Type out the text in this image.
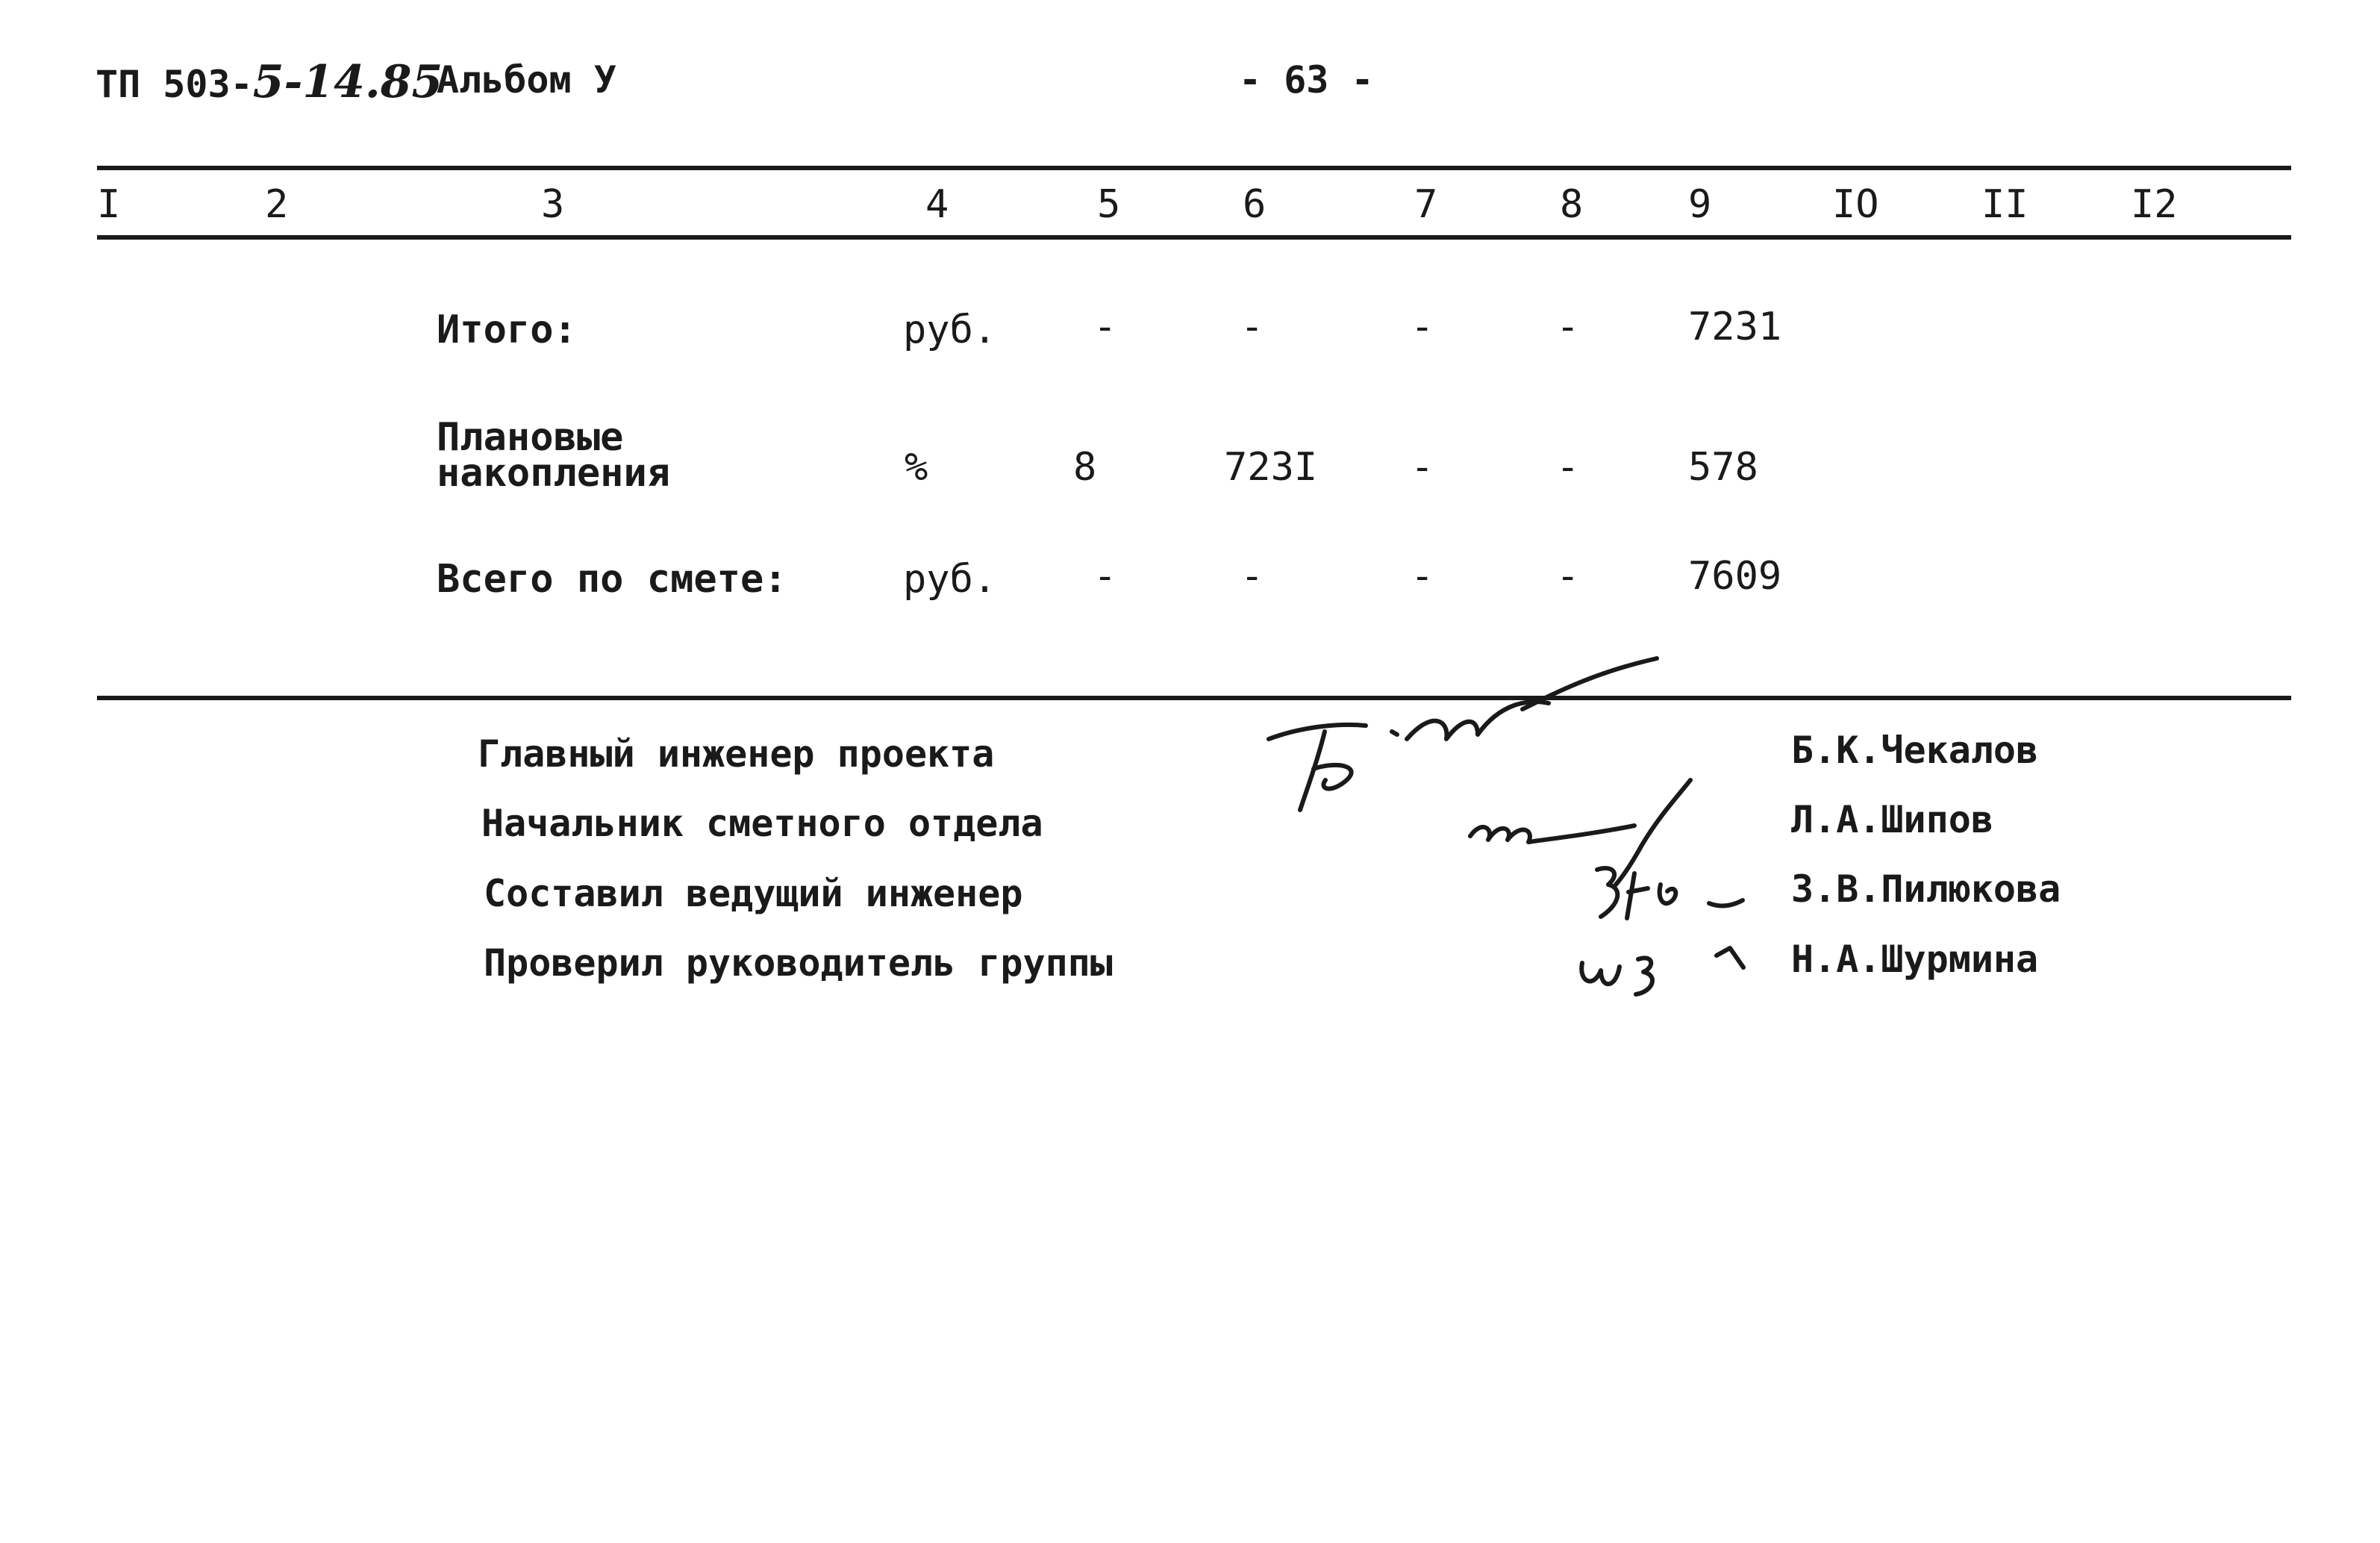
ТП 503-5-14.85
Альбом У	- 63 -
I	2	3	4	5	6	7	8	9	IO	II	I2
Итого:	руб. -	-	-	-	7231
Плановые
накопления	%	8	723I -	-	578
Всего по смете:	руб. -	-	-	-	7609
Главный инженер проекта	Б.К.Чекалов
Начальник сметного отдела	Л.А.Шипов
Составил ведущий инженер	З.В.Пилюкова
Проверил руководитель группы	Н.А.Шурмина
